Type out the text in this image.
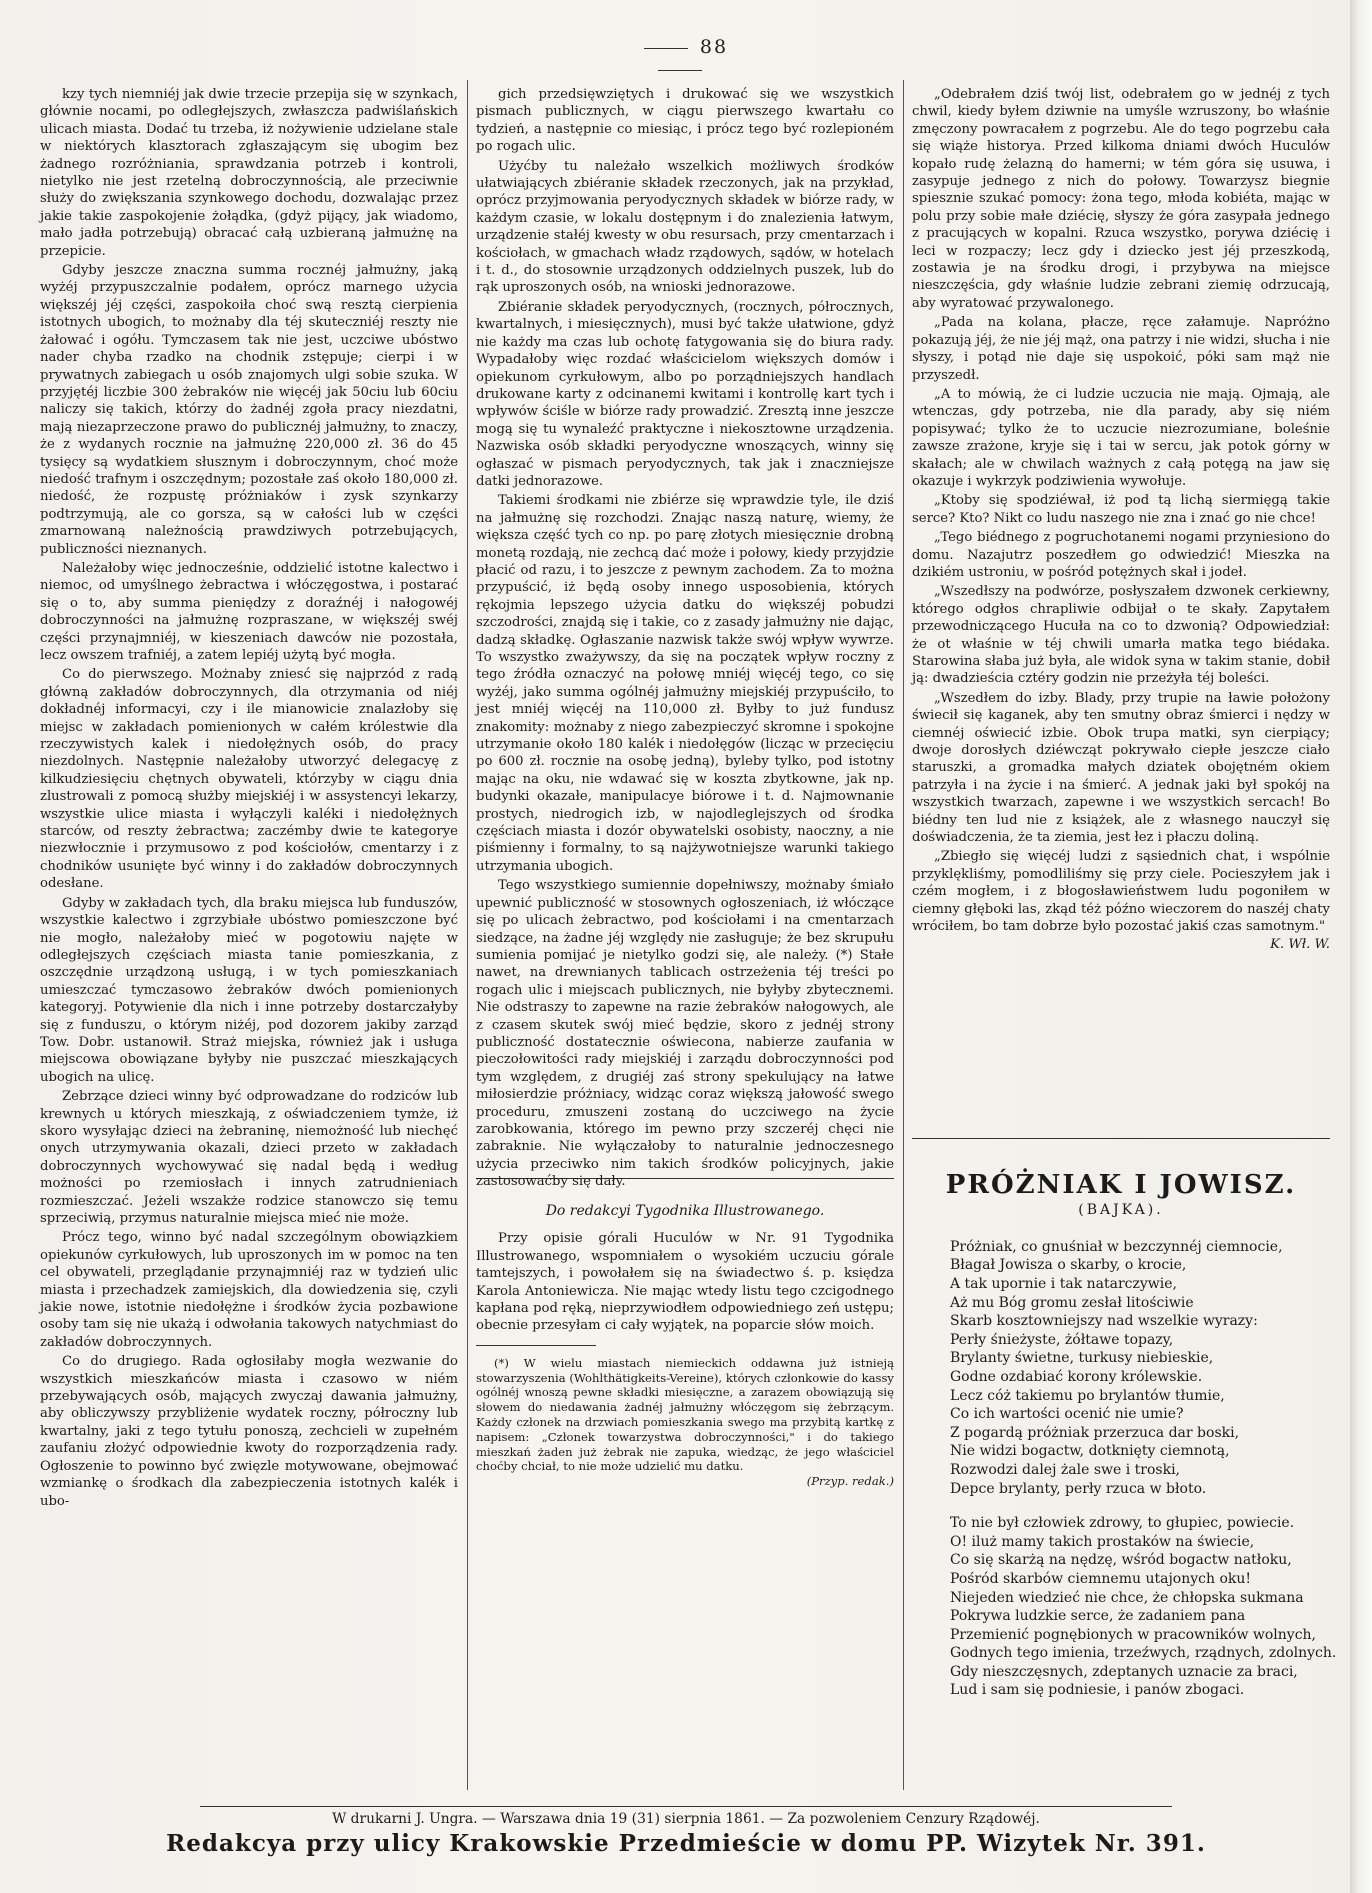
88

kzy tych niemniéj jak dwie trzecie przepija się w szynkach, głównie nocami, po odległejszych, zwłaszcza padwiślańskich ulicach miasta. Dodać tu trzeba, iż nożywienie udzielane stale w niektórych klasztorach zgłaszającym się ubogim bez żadnego rozróżniania, sprawdzania potrzeb i kontroli, nietylko nie jest rzetelną dobroczynnością, ale przeciwnie służy do zwiększania szynkowego dochodu, dozwalając przez jakie takie zaspokojenie żołądka, (gdyż pijący, jak wiadomo, mało jadła potrzebują) obracać całą uzbieraną jałmużnę na przepicie.

Gdyby jeszcze znaczna summa rocznéj jałmużny, jaką wyżéj przypuszczalnie podałem, oprócz marnego użycia większéj jéj części, zaspokoiła choć swą resztą cierpienia istotnych ubogich, to możnaby dla téj skuteczniéj reszty nie żałować i ogółu. Tymczasem tak nie jest, uczciwe ubóstwo nader chyba rzadko na chodnik zstępuje; cierpi i w prywatnych zabiegach u osób znajomych ulgi sobie szuka. W przyjętéj liczbie 300 żebraków nie więcéj jak 50ciu lub 60ciu naliczy się takich, którzy do żadnéj zgoła pracy niezdatni, mają niezaprzeczone prawo do publicznéj jałmużny, to znaczy, że z wydanych rocznie na jałmużnę 220,000 zł. 36 do 45 tysięcy są wydatkiem słusznym i dobroczynnym, choć może niedość trafnym i oszczędnym; pozostałe zaś około 180,000 zł. niedość, że rozpustę próżniaków i zysk szynkarzy podtrzymują, ale co gorsza, są w całości lub w części zmarnowaną należnością prawdziwych potrzebujących, publiczności nieznanych.

Należałoby więc jednocześnie, oddzielić istotne kalectwo i niemoc, od umyślnego żebractwa i włóczęgostwa, i postarać się o to, aby summa pieniędzy z doraźnéj i nałogowéj dobroczynności na jałmużnę rozpraszane, w większéj swéj części przynajmniéj, w kieszeniach dawców nie pozostała, lecz owszem trafniéj, a zatem lepiéj użytą być mogła.

Co do pierwszego. Możnaby zniesć się najprzód z radą główną zakładów dobroczynnych, dla otrzymania od niéj dokładnéj informacyi, czy i ile mianowicie znalazłoby się miejsc w zakładach pomienionych w całém królestwie dla rzeczywistych kalek i niedołężnych osób, do pracy niezdolnych. Następnie należałoby utworzyć delegacyę z kilkudziesięciu chętnych obywateli, którzyby w ciągu dnia zlustrowali z pomocą służby miejskiéj i w assystencyi lekarzy, wszystkie ulice miasta i wyłączyli kaléki i niedołężnych starców, od reszty żebractwa; zaczémby dwie te kategorye niezwłocznie i przymusowo z pod kościołów, cmentarzy i z chodników usunięte być winny i do zakładów dobroczynnych odesłane.

Gdyby w zakładach tych, dla braku miejsca lub funduszów, wszystkie kalectwo i zgrzybiałe ubóstwo pomieszczone być nie mogło, należałoby mieć w pogotowiu najęte w odległejszych częściach miasta tanie pomieszkania, z oszczędnie urządzoną usługą, i w tych pomieszkaniach umieszczać tymczasowo żebraków dwóch pomienionych kategoryj. Potywienie dla nich i inne potrzeby dostarczałyby się z funduszu, o którym niżéj, pod dozorem jakiby zarząd Tow. Dobr. ustanowił. Straż miejska, również jak i usługa miejscowa obowiązane byłyby nie puszczać mieszkających ubogich na ulicę.

Zebrzące dzieci winny być odprowadzane do rodziców lub krewnych u których mieszkają, z oświadczeniem tymże, iż skoro wysyłając dzieci na żebraninę, niemożność lub niechęć onych utrzymywania okazali, dzieci przeto w zakładach dobroczynnych wychowywać się nadal będą i według możności po rzemiosłach i innych zatrudnieniach rozmieszczać. Jeżeli wszakże rodzice stanowczo się temu sprzeciwią, przymus naturalnie miejsca mieć nie może.

Prócz tego, winno być nadal szczególnym obowiązkiem opiekunów cyrkułowych, lub uproszonych im w pomoc na ten cel obywateli, przeglądanie przynajmniéj raz w tydzień ulic miasta i przechadzek zamiejskich, dla dowiedzenia się, czyli jakie nowe, istotnie niedołężne i środków życia pozbawione osoby tam się nie ukażą i odwołania takowych natychmiast do zakładów dobroczynnych.

Co do drugiego. Rada ogłosiłaby mogła wezwanie do wszystkich mieszkańców miasta i czasowo w niém przebywających osób, mających zwyczaj dawania jałmużny, aby obliczywszy przybliżenie wydatek roczny, półroczny lub kwartalny, jaki z tego tytułu ponoszą, zechcieli w zupełném zaufaniu złożyć odpowiednie kwoty do rozporządzenia rady. Ogłoszenie to powinno być zwięzle motywowane, obejmować wzmiankę o środkach dla zabezpieczenia istotnych kalék i ubo-

gich przedsięwziętych i drukować się we wszystkich pismach publicznych, w ciągu pierwszego kwartału co tydzień, a następnie co miesiąc, i prócz tego być rozlepioném po rogach ulic.

Użyćby tu należało wszelkich możliwych środków ułatwiających zbiéranie składek rzeczonych, jak na przykład, oprócz przyjmowania peryodycznych składek w biórze rady, w każdym czasie, w lokalu dostępnym i do znalezienia łatwym, urządzenie stałéj kwesty w obu resursach, przy cmentarzach i kościołach, w gmachach władz rządowych, sądów, w hotelach i t. d., do stosownie urządzonych oddzielnych puszek, lub do rąk uproszonych osób, na wnioski jednorazowe.

Zbiéranie składek peryodycznych, (rocznych, półrocznych, kwartalnych, i miesięcznych), musi być także ułatwione, gdyż nie każdy ma czas lub ochotę fatygowania się do biura rady. Wypadałoby więc rozdać właścicielom większych domów i opiekunom cyrkułowym, albo po porządniejszych handlach drukowane karty z odcinanemi kwitami i kontrollę kart tych i wpływów ściśle w biórze rady prowadzić. Zresztą inne jeszcze mogą się tu wynaleźć praktyczne i niekosztowne urządzenia. Nazwiska osób składki peryodyczne wnoszących, winny się ogłaszać w pismach peryodycznych, tak jak i znaczniejsze datki jednorazowe.

Takiemi środkami nie zbiérze się wprawdzie tyle, ile dziś na jałmużnę się rozchodzi. Znając naszą naturę, wiemy, że większa część tych co np. po parę złotych miesięcznie drobną monetą rozdają, nie zechcą dać może i połowy, kiedy przyjdzie płacić od razu, i to jeszcze z pewnym zachodem. Za to można przypuścić, iż będą osoby innego usposobienia, których rękojmia lepszego użycia datku do większéj pobudzi szczodrości, znajdą się i takie, co z zasady jałmużny nie dając, dadzą składkę. Ogłaszanie nazwisk także swój wpływ wywrze. To wszystko zważywszy, da się na początek wpływ roczny z tego źródła oznaczyć na połowę mniéj więcéj tego, co się wyżéj, jako summa ogólnéj jałmużny miejskiéj przypuściło, to jest mniéj więcéj na 110,000 zł. Byłby to już fundusz znakomity: możnaby z niego zabezpieczyć skromne i spokojne utrzymanie około 180 kalék i niedołęgów (licząc w przecięciu po 600 zł. rocznie na osobę jedną), byleby tylko, pod istotny mając na oku, nie wdawać się w koszta zbytkowne, jak np. budynki okazałe, manipulacye biórowe i t. d. Najmownanie prostych, niedrogich izb, w najodleglejszych od środka częściach miasta i dozór obywatelski osobisty, naoczny, a nie piśmienny i formalny, to są najżywotniejsze warunki takiego utrzymania ubogich.

Tego wszystkiego sumiennie dopełniwszy, możnaby śmiało upewnić publiczność w stosownych ogłoszeniach, iż włóczące się po ulicach żebractwo, pod kościołami i na cmentarzach siedzące, na żadne jéj względy nie zasługuje; że bez skrupułu sumienia pomijać je nietylko godzi się, ale należy. (*) Stałe nawet, na drewnianych tablicach ostrzeżenia téj treści po rogach ulic i miejscach publicznych, nie byłyby zbytecznemi. Nie odstraszy to zapewne na razie żebraków nałogowych, ale z czasem skutek swój mieć będzie, skoro z jednéj strony publiczność dostatecznie oświecona, nabierze zaufania w pieczołowitości rady miejskiéj i zarządu dobroczynności pod tym względem, z drugiéj zaś strony spekulujący na łatwe miłosierdzie próżniacy, widząc coraz większą jałowość swego proceduru, zmuszeni zostaną do uczciwego na życie zarobkowania, którego im pewno przy szczeréj chęci nie zabraknie. Nie wyłączałoby to naturalnie jednoczesnego użycia przeciwko nim takich środków policyjnych, jakie zastosowaćby się dały.

Do redakcyi Tygodnika Illustrowanego.

Przy opisie górali Huculów w Nr. 91 Tygodnika Illustrowanego, wspomniałem o wysokiém uczuciu górale tamtejszych, i powołałem się na świadectwo ś. p. księdza Karola Antoniewicza. Nie mając wtedy listu tego czcigodnego kapłana pod ręką, nieprzywiodłem odpowiedniego zeń ustępu; obecnie przesyłam ci cały wyjątek, na poparcie słów moich.

(*) W wielu miastach niemieckich oddawna już istnieją stowarzyszenia (Wohlthätigkeits-Vereine), których członkowie do kassy ogólnéj wnoszą pewne składki miesięczne, a zarazem obowiązują się słowem do niedawania żadnéj jałmużny włóczęgom się żebrzącym. Każdy członek na drzwiach pomieszkania swego ma przybitą kartkę z napisem: „Członek towarzystwa dobroczynności," i do takiego mieszkań żaden już żebrak nie zapuka, wiedząc, że jego właściciel choćby chciał, to nie może udzielić mu datku.

(Przyp. redak.)

„Odebrałem dziś twój list, odebrałem go w jednéj z tych chwil, kiedy byłem dziwnie na umyśle wzruszony, bo właśnie zmęczony powracałem z pogrzebu. Ale do tego pogrzebu cała się wiąże historya. Przed kilkoma dniami dwóch Huculów kopało rudę żelazną do hamerni; w tém góra się usuwa, i zasypuje jednego z nich do połowy. Towarzysz biegnie spiesznie szukać pomocy: żona tego, młoda kobiéta, mając w polu przy sobie małe dziécię, słyszy że góra zasypała jednego z pracujących w kopalni. Rzuca wszystko, porywa dziécię i leci w rozpaczy; lecz gdy i dziecko jest jéj przeszkodą, zostawia je na środku drogi, i przybywa na miejsce nieszczęścia, gdy właśnie ludzie zebrani ziemię odrzucają, aby wyratować przywalonego.

„Pada na kolana, płacze, ręce załamuje. Napróżno pokazują jéj, że nie jéj mąż, ona patrzy i nie widzi, słucha i nie słyszy, i potąd nie daje się uspokoić, póki sam mąż nie przyszedł.

„A to mówią, że ci ludzie uczucia nie mają. Ojmają, ale wtenczas, gdy potrzeba, nie dla parady, aby się niém popisywać; tylko że to uczucie niezrozumiane, boleśnie zawsze zrażone, kryje się i tai w sercu, jak potok górny w skałach; ale w chwilach ważnych z całą potęgą na jaw się okazuje i wykrzyk podziwienia wywołuje.

„Ktoby się spodziéwał, iż pod tą lichą siermięgą takie serce? Kto? Nikt co ludu naszego nie zna i znać go nie chce!

„Tego biédnego z pogruchotanemi nogami przyniesiono do domu. Nazajutrz poszedłem go odwiedzić! Mieszka na dzikiém ustroniu, w pośród potężnych skał i jodeł.

„Wszedłszy na podwórze, posłyszałem dzwonek cerkiewny, którego odgłos chrapliwie odbijał o te skały. Zapytałem przewodniczącego Hucuła na co to dzwonią? Odpowiedział: że ot właśnie w téj chwili umarła matka tego biédaka. Starowina słaba już była, ale widok syna w takim stanie, dobił ją: dwadzieścia cztéry godzin nie przeżyła téj boleści.

„Wszedłem do izby. Blady, przy trupie na ławie położony świecił się kaganek, aby ten smutny obraz śmierci i nędzy w ciemnéj oświecić izbie. Obok trupa matki, syn cierpiący; dwoje dorosłych dziéwcząt pokrywało ciepłe jeszcze ciało staruszki, a gromadka małych dziatek obojętném okiem patrzyła i na życie i na śmierć. A jednak jaki był spokój na wszystkich twarzach, zapewne i we wszystkich sercach! Bo biédny ten lud nie z książek, ale z własnego nauczył się doświadczenia, że ta ziemia, jest łez i płaczu doliną.

„Zbiegło się więcéj ludzi z sąsiednich chat, i wspólnie przyklękliśmy, pomodliliśmy się przy ciele. Pocieszyłem jak i czém mogłem, i z błogosławieństwem ludu pogoniłem w ciemny głęboki las, zkąd téż późno wieczorem do naszéj chaty wróciłem, bo tam dobrze było pozostać jakiś czas samotnym."

K. Wł. W.
PRÓŻNIAK I JOWISZ.
(BAJKA).
Próżniak, co gnuśniał w bezczynnéj ciemnocie,
Błagał Jowisza o skarby, o krocie,
A tak upornie i tak natarczywie,
Aż mu Bóg gromu zesłał litościwie
Skarb kosztowniejszy nad wszelkie wyrazy:
Perły śnieżyste, żółtawe topazy,
Brylanty świetne, turkusy niebieskie,
Godne ozdabiać korony królewskie.
Lecz cóż takiemu po brylantów tłumie,
Co ich wartości ocenić nie umie?
Z pogardą próżniak przerzuca dar boski,
Nie widzi bogactw, dotknięty ciemnotą,
Rozwodzi dalej żale swe i troski,
Depce brylanty, perły rzuca w błoto.
To nie był człowiek zdrowy, to głupiec, powiecie.
O! iluż mamy takich prostaków na świecie,
Co się skarżą na nędzę, wśród bogactw natłoku,
Pośród skarbów ciemnemu utajonych oku!
Niejeden wiedzieć nie chce, że chłopska sukmana
Pokrywa ludzkie serce, że zadaniem pana
Przemienić pognębionych w pracowników wolnych,
Godnych tego imienia, trzeźwych, rządnych, zdolnych.
Gdy nieszczęsnych, zdeptanych uznacie za braci,
Lud i sam się podniesie, i panów zbogaci.
W drukarni J. Ungra. — Warszawa dnia 19 (31) sierpnia 1861. — Za pozwoleniem Cenzury Rządowéj.
Redakcya przy ulicy Krakowskie Przedmieście w domu PP. Wizytek Nr. 391.
